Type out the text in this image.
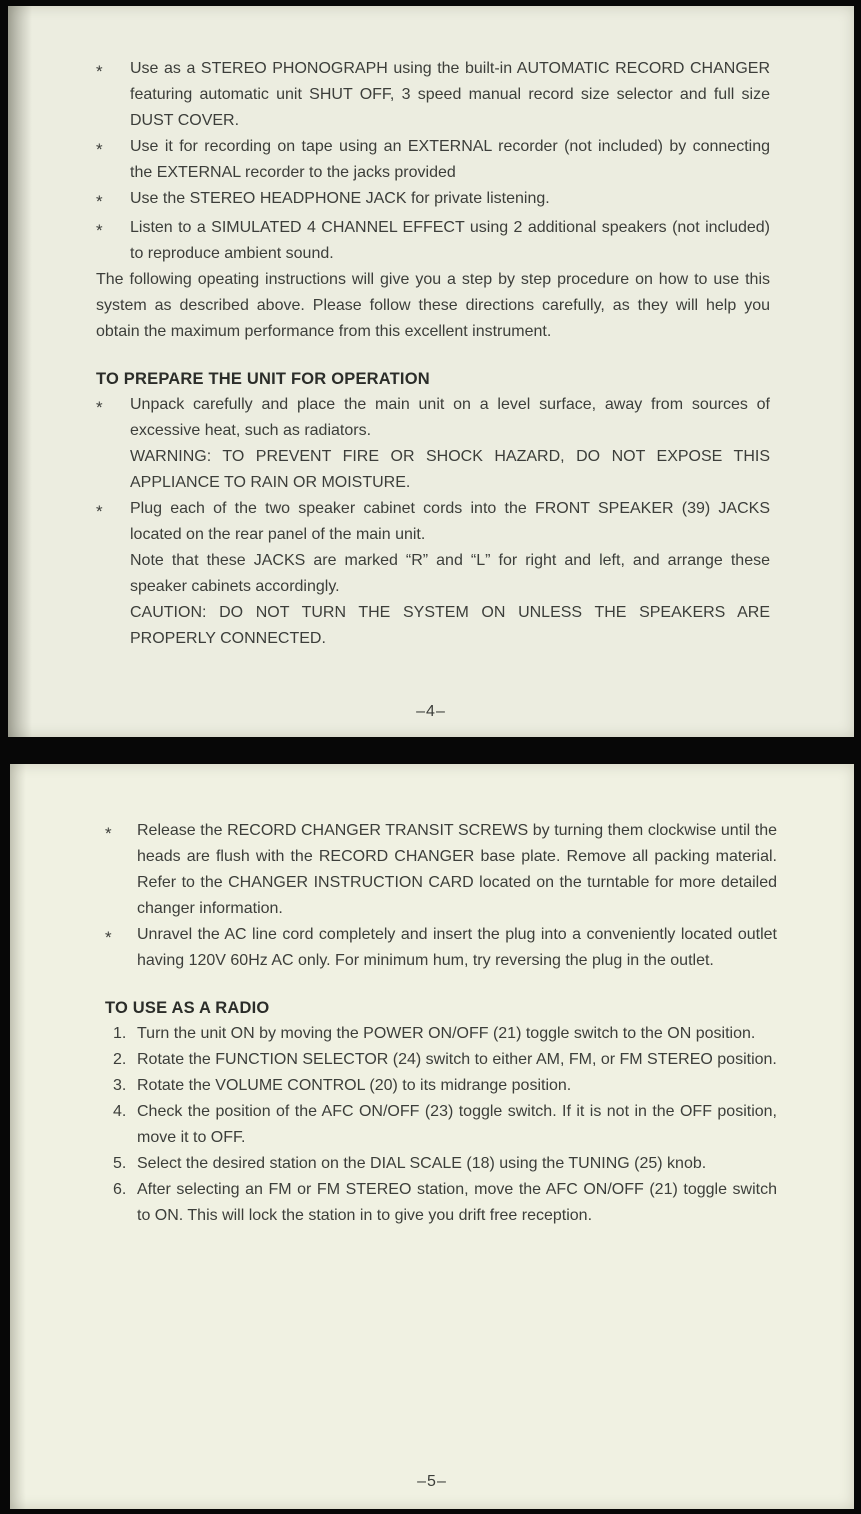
*	Use as a STEREO PHONOGRAPH using the built-in AUTOMATIC RECORD CHANGER featuring automatic unit SHUT OFF, 3 speed manual record size selector and full size DUST COVER.

*	Use it for recording on tape using an EXTERNAL recorder (not included) by connecting the EXTERNAL recorder to the jacks provided

*	Use the STEREO HEADPHONE JACK for private listening.

*	Listen to a SIMULATED 4 CHANNEL EFFECT using 2 additional speakers (not included) to reproduce ambient sound.

The following opeating instructions will give you a step by step procedure on how to use this system as described above. Please follow these directions carefully, as they will help you obtain the maximum performance from this excellent instrument.

TO PREPARE THE UNIT FOR OPERATION
*	Unpack carefully and place the main unit on a level surface, away from sources of excessive heat, such as radiators.

WARNING: TO PREVENT FIRE OR SHOCK HAZARD, DO NOT EXPOSE THIS APPLIANCE TO RAIN OR MOISTURE.

*	Plug each of the two speaker cabinet cords into the FRONT SPEAKER (39) JACKS located on the rear panel of the main unit.

Note that these JACKS are marked “R” and “L” for right and left, and arrange these speaker cabinets accordingly.

CAUTION: DO NOT TURN THE SYSTEM ON UNLESS THE SPEAKERS ARE PROPERLY CONNECTED.

–4–
*	Release the RECORD CHANGER TRANSIT SCREWS by turning them clockwise until the heads are flush with the RECORD CHANGER base plate. Remove all packing material. Refer to the CHANGER INSTRUCTION CARD located on the turntable for more detailed changer information.

*	Unravel the AC line cord completely and insert the plug into a conveniently located outlet having 120V 60Hz AC only. For minimum hum, try reversing the plug in the outlet.

TO USE AS A RADIO
1. Turn the unit ON by moving the POWER ON/OFF (21) toggle switch to the ON position.

2. Rotate the FUNCTION SELECTOR (24) switch to either AM, FM, or FM STEREO position.

3. Rotate the VOLUME CONTROL (20) to its midrange position.

4. Check the position of the AFC ON/OFF (23) toggle switch. If it is not in the OFF position, move it to OFF.

5. Select the desired station on the DIAL SCALE (18) using the TUNING (25) knob.

6. After selecting an FM or FM STEREO station, move the AFC ON/OFF (21) toggle switch to ON. This will lock the station in to give you drift free reception.

–5–
